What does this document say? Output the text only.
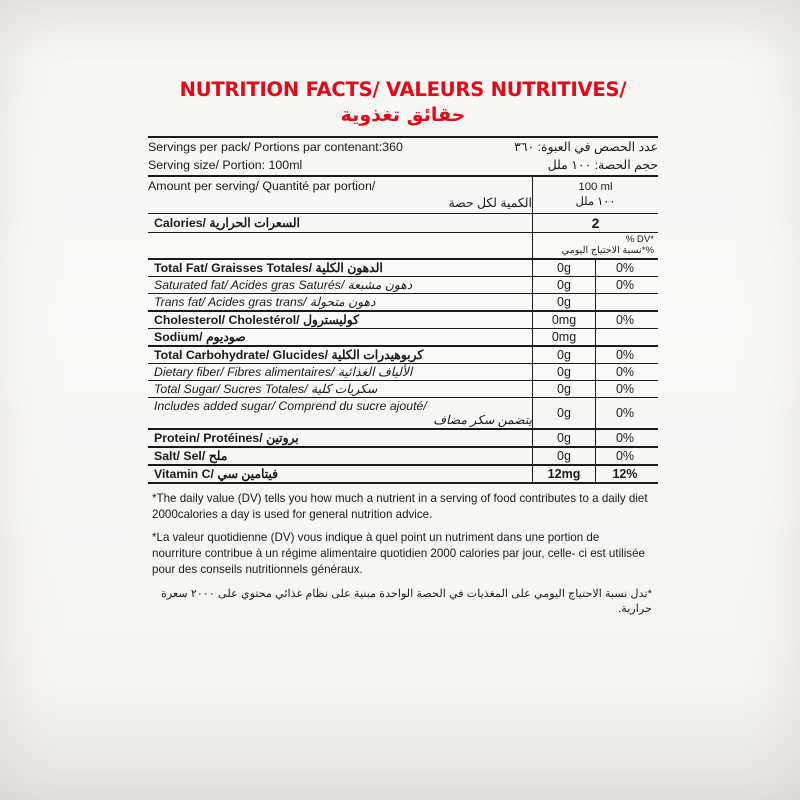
NUTRITION FACTS/ VALEURS NUTRITIVES/
حقائق تغذوية
Servings per pack/ Portions par contenant:360 عدد الحصص في العبوة: ٣٦٠
Serving size/ Portion: 100ml حجم الحصة: ١٠٠ ملل		

Amount per serving/ Quantité par portion/
الكمية لكل حصة

100 ml
١٠٠ ملل

Calories/ السعرات الحرارية	2	

	% DV*
%*نسبة الاحتياج اليومي	

Total Fat/ Graisses Totales/ الدهون الكلية	0g	0%
Saturated fat/ Acides gras Saturés/ دهون مشبعة	0g	0%
Trans fat/ Acides gras trans/ دهون متحولة	0g	
Cholesterol/ Cholestérol/ كوليسترول	0mg	0%
Sodium/ صوديوم	0mg	
Total Carbohydrate/ Glucides/ كربوهيدرات الكلية	0g	0%
Dietary fiber/ Fibres alimentaires/ الألياف الغذائية	0g	0%
Total Sugar/ Sucres Totales/ سكريات كلية	0g	0%

Includes added sugar/ Comprend du sucre ajouté/
يتضمن سكر مضاف	0g	0%
Protein/ Protéines/ بروتين	0g	0%
Salt/ Sel/ ملح	0g	0%
Vitamin C/ فيتامين سي	12mg	12%

*The daily value (DV) tells you how much a nutrient in a serving of food contributes to a daily diet 2000calories a day is used for general nutrition advice.

*La valeur quotidienne (DV) vous indique à quel point un nutriment dans une portion de nourriture contribue à un régime alimentaire quotidien 2000 calories par jour, celle- ci est utilisée pour des conseils nutritionnels généraux.

*تدل نسبة الاحتياج اليومي على المغذيات في الحصة الواحدة مبنية على نظام غذائي محتوي على ٢٠٠٠ سعرة حرارية.
